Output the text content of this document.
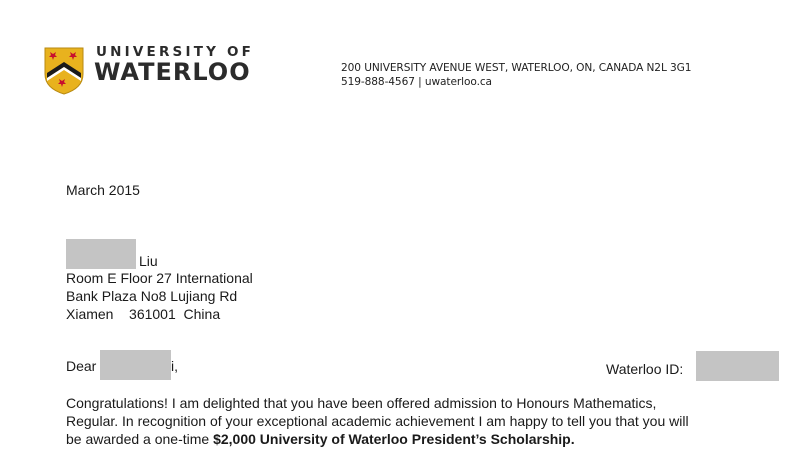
UNIVERSITY OF
WATERLOO	200 UNIVERSITY AVENUE WEST, WATERLOO, ON, CANADA N2L 3G1
519-888-4567 | uwaterloo.ca
March 2015
Liu
Room E Floor 27 International
Bank Plaza No8 Lujiang Rd
Xiamen    361001  China
Dear	i,	Waterloo ID:
Congratulations! I am delighted that you have been offered admission to Honours Mathematics,
Regular. In recognition of your exceptional academic achievement I am happy to tell you that you will
be awarded a one-time $2,000 University of Waterloo President’s Scholarship.
